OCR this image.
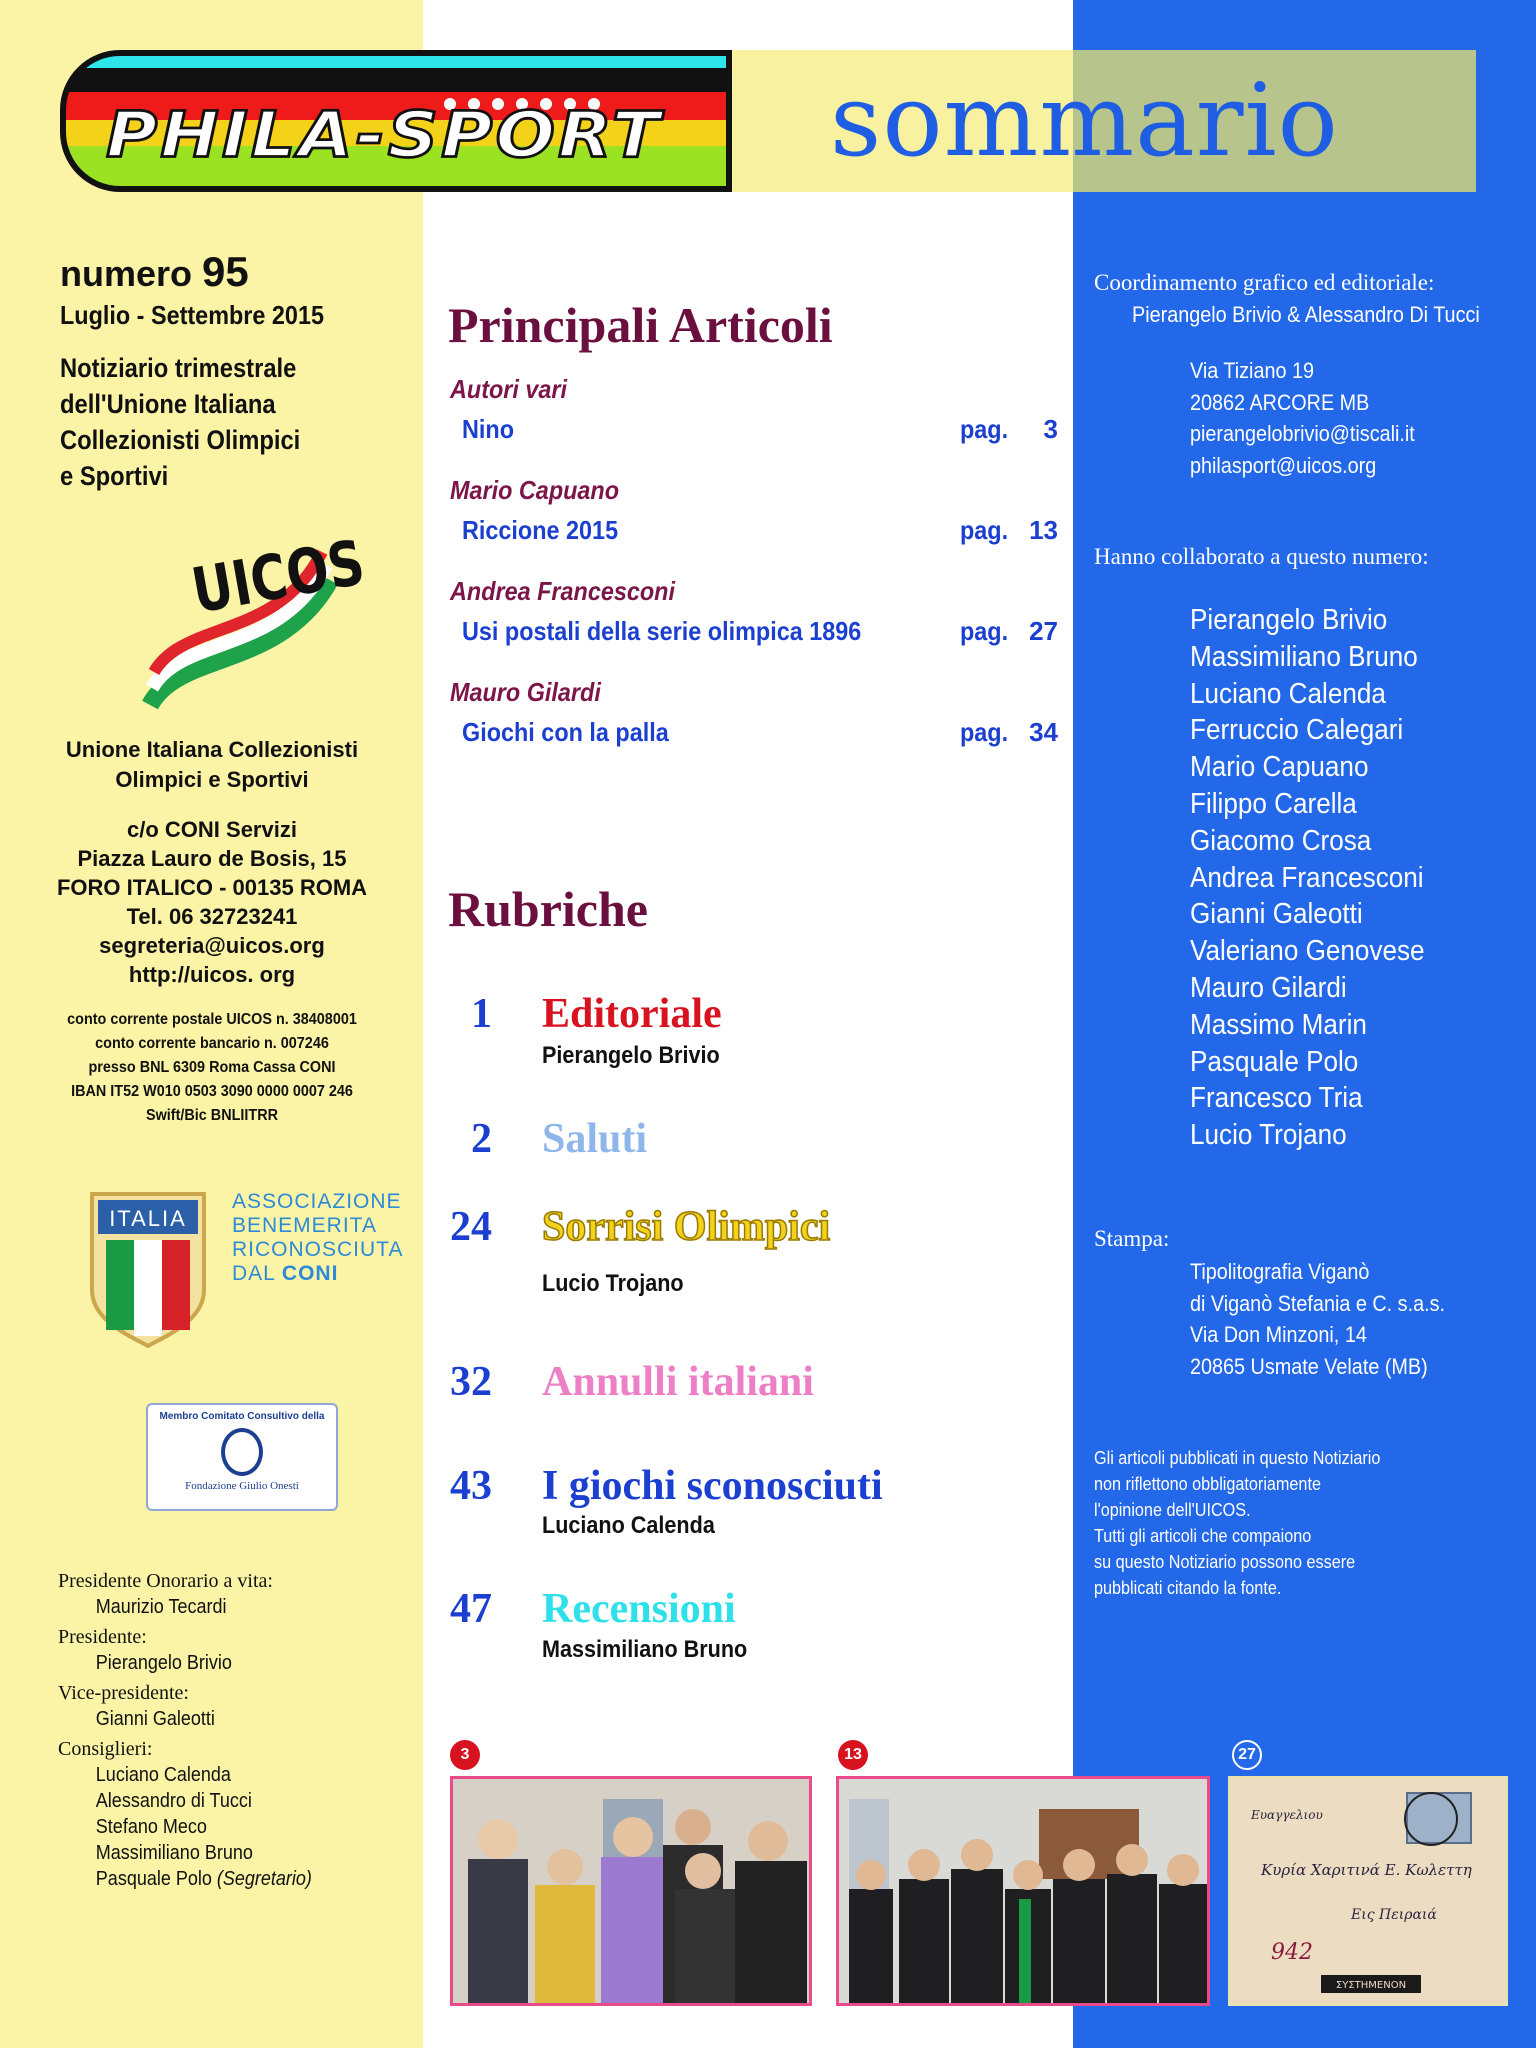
PHILA-SPORT sommario
numero 95
Luglio - Settembre 2015
Notiziario trimestrale
dell'Unione Italiana
Collezionisti Olimpici
e Sportivi
UICOS
Unione Italiana Collezionisti
Olimpici e Sportivi
c/o CONI Servizi
Piazza Lauro de Bosis, 15
FORO ITALICO - 00135 ROMA
Tel. 06 32723241
segreteria@uicos.org
http://uicos. org
conto corrente postale UICOS n. 38408001
conto corrente bancario n. 007246
presso BNL 6309 Roma Cassa CONI
IBAN IT52 W010 0503 3090 0000 0007 246
Swift/Bic BNLIITRR
ITALIA
ASSOCIAZIONE
BENEMERITA
RICONOSCIUTA
DAL CONI
Membro Comitato Consultivo della
Fondazione Giulio Onesti
Presidente Onorario a vita:
Maurizio Tecardi
Presidente:
Pierangelo Brivio
Vice-presidente:
Gianni Galeotti
Consiglieri:
Luciano Calenda
Alessandro di Tucci
Stefano Meco
Massimiliano Bruno
Pasquale Polo (Segretario)
Principali Articoli
Autori vari
Nino	pag.	3
Mario Capuano
Riccione 2015	pag. 13
Andrea Francesconi
Usi postali della serie olimpica 1896	pag. 27
Mauro Gilardi
Giochi con la palla	pag. 34
Rubriche
1 Editoriale
Pierangelo Brivio
2 Saluti
24 Sorrisi Olimpici
Lucio Trojano
32 Annulli italiani
43 I giochi sconosciuti
Luciano Calenda
47 Recensioni
Massimiliano Bruno
Coordinamento grafico ed editoriale:
Pierangelo Brivio & Alessandro Di Tucci
Via Tiziano 19
20862 ARCORE MB
pierangelobrivio@tiscali.it
philasport@uicos.org
Hanno collaborato a questo numero:
Pierangelo Brivio
Massimiliano Bruno
Luciano Calenda
Ferruccio Calegari
Mario Capuano
Filippo Carella
Giacomo Crosa
Andrea Francesconi
Gianni Galeotti
Valeriano Genovese
Mauro Gilardi
Massimo Marin
Pasquale Polo
Francesco Tria
Lucio Trojano
Stampa:
Tipolitografia Viganò
di Viganò Stefania e C. s.a.s.
Via Don Minzoni, 14
20865 Usmate Velate (MB)
Gli articoli pubblicati in questo Notiziario
non riflettono obbligatoriamente
l'opinione dell'UICOS.
Tutti gli articoli che compaiono
su questo Notiziario possono essere
pubblicati citando la fonte.
3	13	27
Ευαγγελιου
Κυρία Χαριτινά Ε. Κωλεττη
Εις Πειραιά
942
ΣΥΣΤΗΜΕΝΟΝ
